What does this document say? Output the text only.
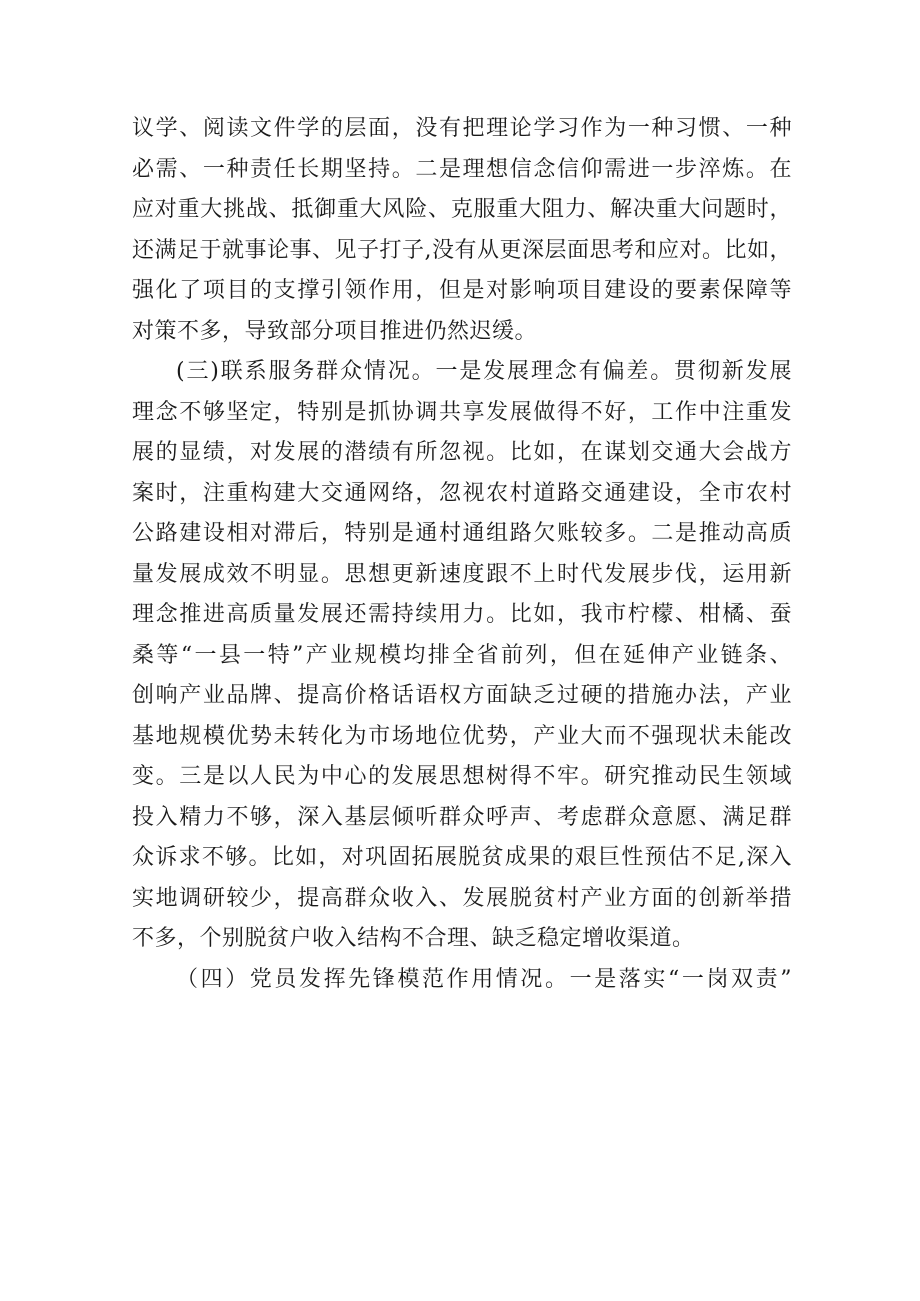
议学、阅读文件学的层面，没有把理论学习作为一种习惯、一种
必需、一种责任长期坚持。二是理想信念信仰需进一步淬炼。在
应对重大挑战、抵御重大风险、克服重大阻力、解决重大问题时，
还满足于就事论事、见子打子,没有从更深层面思考和应对。比如，
强化了项目的支撑引领作用，但是对影响项目建设的要素保障等
对策不多，导致部分项目推进仍然迟缓。
(三)联系服务群众情况。一是发展理念有偏差。贯彻新发展
理念不够坚定，特别是抓协调共享发展做得不好，工作中注重发
展的显绩，对发展的潜绩有所忽视。比如，在谋划交通大会战方
案时，注重构建大交通网络，忽视农村道路交通建设，全市农村
公路建设相对滞后，特别是通村通组路欠账较多。二是推动高质
量发展成效不明显。思想更新速度跟不上时代发展步伐，运用新
理念推进高质量发展还需持续用力。比如，我市柠檬、柑橘、蚕
桑等“一县一特”产业规模均排全省前列，但在延伸产业链条、
创响产业品牌、提高价格话语权方面缺乏过硬的措施办法，产业
基地规模优势未转化为市场地位优势，产业大而不强现状未能改
变。三是以人民为中心的发展思想树得不牢。研究推动民生领域
投入精力不够，深入基层倾听群众呼声、考虑群众意愿、满足群
众诉求不够。比如，对巩固拓展脱贫成果的艰巨性预估不足,深入
实地调研较少，提高群众收入、发展脱贫村产业方面的创新举措
不多，个别脱贫户收入结构不合理、缺乏稳定增收渠道。
（四）党员发挥先锋模范作用情况。一是落实“一岗双责”
